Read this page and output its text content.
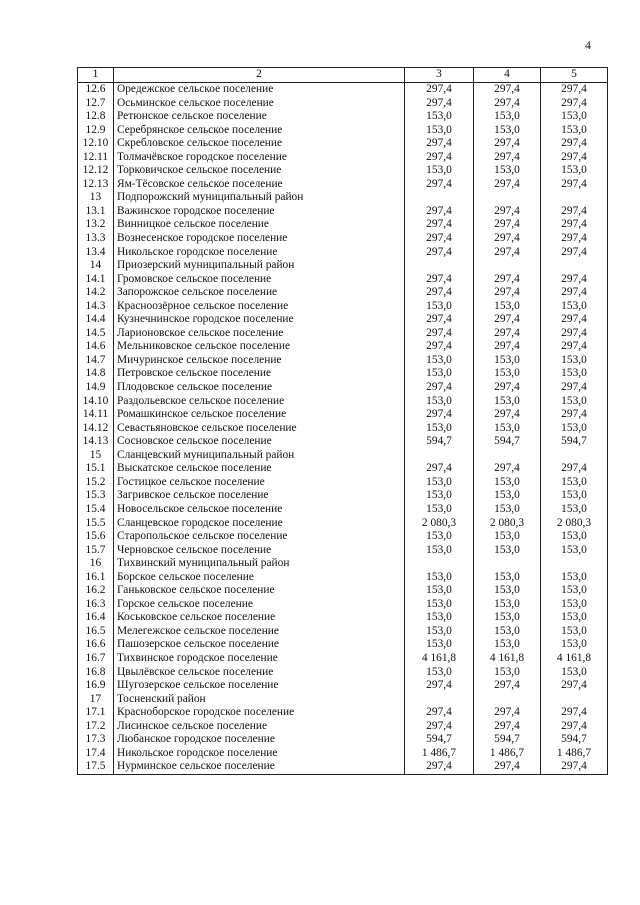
4
1	2	3	4	5
12.6	Оредежское сельское поселение	297,4	297,4	297,4
12.7	Осьминское сельское поселение	297,4	297,4	297,4
12.8	Ретюнское сельское поселение	153,0	153,0	153,0
12.9	Серебрянское сельское поселение	153,0	153,0	153,0
12.10	Скребловское сельское поселение	297,4	297,4	297,4
12.11	Толмачёвское городское поселение	297,4	297,4	297,4
12.12	Торковичское сельское поселение	153,0	153,0	153,0
12.13	Ям-Тёсовское сельское поселение	297,4	297,4	297,4
13	Подпорожский муниципальный район			
13.1	Важинское городское поселение	297,4	297,4	297,4
13.2	Винницкое сельское поселение	297,4	297,4	297,4
13.3	Вознесенское городское поселение	297,4	297,4	297,4
13.4	Никольское городское поселение	297,4	297,4	297,4
14	Приозерский муниципальный район			
14.1	Громовское сельское поселение	297,4	297,4	297,4
14.2	Запорожское сельское поселение	297,4	297,4	297,4
14.3	Красноозёрное сельское поселение	153,0	153,0	153,0
14.4	Кузнечнинское городское поселение	297,4	297,4	297,4
14.5	Ларионовское сельское поселение	297,4	297,4	297,4
14.6	Мельниковское сельское поселение	297,4	297,4	297,4
14.7	Мичуринское сельское поселение	153,0	153,0	153,0
14.8	Петровское сельское поселение	153,0	153,0	153,0
14.9	Плодовское сельское поселение	297,4	297,4	297,4
14.10	Раздольевское сельское поселение	153,0	153,0	153,0
14.11	Ромашкинское сельское поселение	297,4	297,4	297,4
14.12	Севастьяновское сельское поселение	153,0	153,0	153,0
14.13	Сосновское сельское поселение	594,7	594,7	594,7
15	Сланцевский муниципальный район			
15.1	Выскатское сельское поселение	297,4	297,4	297,4
15.2	Гостицкое сельское поселение	153,0	153,0	153,0
15.3	Загривское сельское поселение	153,0	153,0	153,0
15.4	Новосельское сельское поселение	153,0	153,0	153,0
15.5	Сланцевское городское поселение	2 080,3	2 080,3	2 080,3
15.6	Старопольское сельское поселение	153,0	153,0	153,0
15.7	Черновское сельское поселение	153,0	153,0	153,0
16	Тихвинский муниципальный район			
16.1	Борское сельское поселение	153,0	153,0	153,0
16.2	Ганьковское сельское поселение	153,0	153,0	153,0
16.3	Горское сельское поселение	153,0	153,0	153,0
16.4	Коськовское сельское поселение	153,0	153,0	153,0
16.5	Мелегежское сельское поселение	153,0	153,0	153,0
16.6	Пашозерское сельское поселение	153,0	153,0	153,0
16.7	Тихвинское городское поселение	4 161,8	4 161,8	4 161,8
16.8	Цвылёвское сельское поселение	153,0	153,0	153,0
16.9	Шугозерское сельское поселение	297,4	297,4	297,4
17	Тосненский район			
17.1	Красноборское городское поселение	297,4	297,4	297,4
17.2	Лисинское сельское поселение	297,4	297,4	297,4
17.3	Любанское городское поселение	594,7	594,7	594,7
17.4	Никольское городское поселение	1 486,7	1 486,7	1 486,7
17.5	Нурминское сельское поселение	297,4	297,4	297,4
